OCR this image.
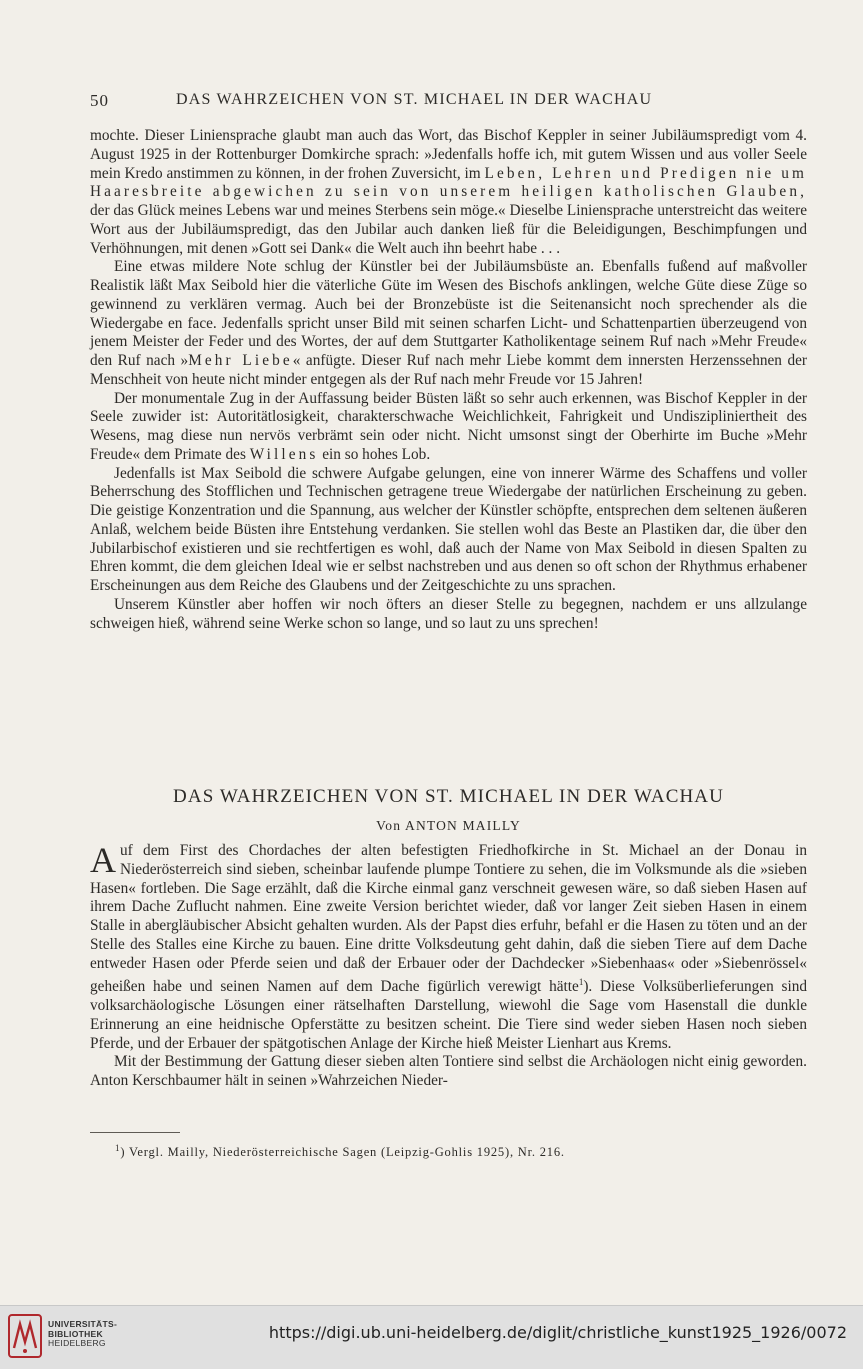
50	DAS WAHRZEICHEN VON ST. MICHAEL IN DER WACHAU

mochte. Dieser Liniensprache glaubt man auch das Wort, das Bischof Keppler in seiner Jubiläumspredigt vom 4. August 1925 in der Rottenburger Domkirche sprach: »Jedenfalls hoffe ich, mit gutem Wissen und aus voller Seele mein Kredo anstimmen zu können, in der frohen Zuversicht, im Leben, Lehren und Predigen nie um Haaresbreite abgewichen zu sein von unserem heiligen katholischen Glauben, der das Glück meines Lebens war und meines Sterbens sein möge.« Dieselbe Liniensprache unterstreicht das weitere Wort aus der Jubiläumspredigt, das den Jubilar auch danken ließ für die Beleidigungen, Beschimpfungen und Verhöhnungen, mit denen »Gott sei Dank« die Welt auch ihn beehrt habe . . .

Eine etwas mildere Note schlug der Künstler bei der Jubiläumsbüste an. Ebenfalls fußend auf maßvoller Realistik läßt Max Seibold hier die väterliche Güte im Wesen des Bischofs anklingen, welche Güte diese Züge so gewinnend zu verklären vermag. Auch bei der Bronzebüste ist die Seitenansicht noch sprechender als die Wiedergabe en face. Jedenfalls spricht unser Bild mit seinen scharfen Licht- und Schattenpartien überzeugend von jenem Meister der Feder und des Wortes, der auf dem Stuttgarter Katholikentage seinem Ruf nach »Mehr Freude« den Ruf nach »Mehr Liebe« anfügte. Dieser Ruf nach mehr Liebe kommt dem innersten Herzenssehnen der Menschheit von heute nicht minder entgegen als der Ruf nach mehr Freude vor 15 Jahren!

Der monumentale Zug in der Auffassung beider Büsten läßt so sehr auch erkennen, was Bischof Keppler in der Seele zuwider ist: Autoritätlosigkeit, charakterschwache Weichlichkeit, Fahrigkeit und Undiszipliniertheit des Wesens, mag diese nun nervös verbrämt sein oder nicht. Nicht umsonst singt der Oberhirte im Buche »Mehr Freude« dem Primate des Willens ein so hohes Lob.

Jedenfalls ist Max Seibold die schwere Aufgabe gelungen, eine von innerer Wärme des Schaffens und voller Beherrschung des Stofflichen und Technischen getragene treue Wiedergabe der natürlichen Erscheinung zu geben. Die geistige Konzentration und die Spannung, aus welcher der Künstler schöpfte, entsprechen dem seltenen äußeren Anlaß, welchem beide Büsten ihre Entstehung verdanken. Sie stellen wohl das Beste an Plastiken dar, die über den Jubilarbischof existieren und sie rechtfertigen es wohl, daß auch der Name von Max Seibold in diesen Spalten zu Ehren kommt, die dem gleichen Ideal wie er selbst nachstreben und aus denen so oft schon der Rhythmus erhabener Erscheinungen aus dem Reiche des Glaubens und der Zeitgeschichte zu uns sprachen.

Unserem Künstler aber hoffen wir noch öfters an dieser Stelle zu begegnen, nachdem er uns allzulange schweigen hieß, während seine Werke schon so lange, und so laut zu uns sprechen!

DAS WAHRZEICHEN VON ST. MICHAEL IN DER WACHAU
Von ANTON MAILLY

Auf dem First des Chordaches der alten befestigten Friedhofkirche in St. Michael an der Donau in Niederösterreich sind sieben, scheinbar laufende plumpe Tontiere zu sehen, die im Volksmunde als die »sieben Hasen« fortleben. Die Sage erzählt, daß die Kirche einmal ganz verschneit gewesen wäre, so daß sieben Hasen auf ihrem Dache Zuflucht nahmen. Eine zweite Version berichtet wieder, daß vor langer Zeit sieben Hasen in einem Stalle in abergläubischer Absicht gehalten wurden. Als der Papst dies erfuhr, befahl er die Hasen zu töten und an der Stelle des Stalles eine Kirche zu bauen. Eine dritte Volksdeutung geht dahin, daß die sieben Tiere auf dem Dache entweder Hasen oder Pferde seien und daß der Erbauer oder der Dachdecker »Siebenhaas« oder »Siebenrössel« geheißen habe und seinen Namen auf dem Dache figürlich verewigt hätte$^1$). Diese Volksüberlieferungen sind volksarchäologische Lösungen einer rätselhaften Darstellung, wiewohl die Sage vom Hasenstall die dunkle Erinnerung an eine heidnische Opferstätte zu besitzen scheint. Die Tiere sind weder sieben Hasen noch sieben Pferde, und der Erbauer der spätgotischen Anlage der Kirche hieß Meister Lienhart aus Krems.

Mit der Bestimmung der Gattung dieser sieben alten Tontiere sind selbst die Archäologen nicht einig geworden. Anton Kerschbaumer hält in seinen »Wahrzeichen Nieder-

$^1$) Vergl. Mailly, Niederösterreichische Sagen (Leipzig-Gohlis 1925), Nr. 216.
UNIVERSITÄTS-
BIBLIOTHEK
HEIDELBERG
https://digi.ub.uni-heidelberg.de/diglit/christliche_kunst1925_1926/0072
